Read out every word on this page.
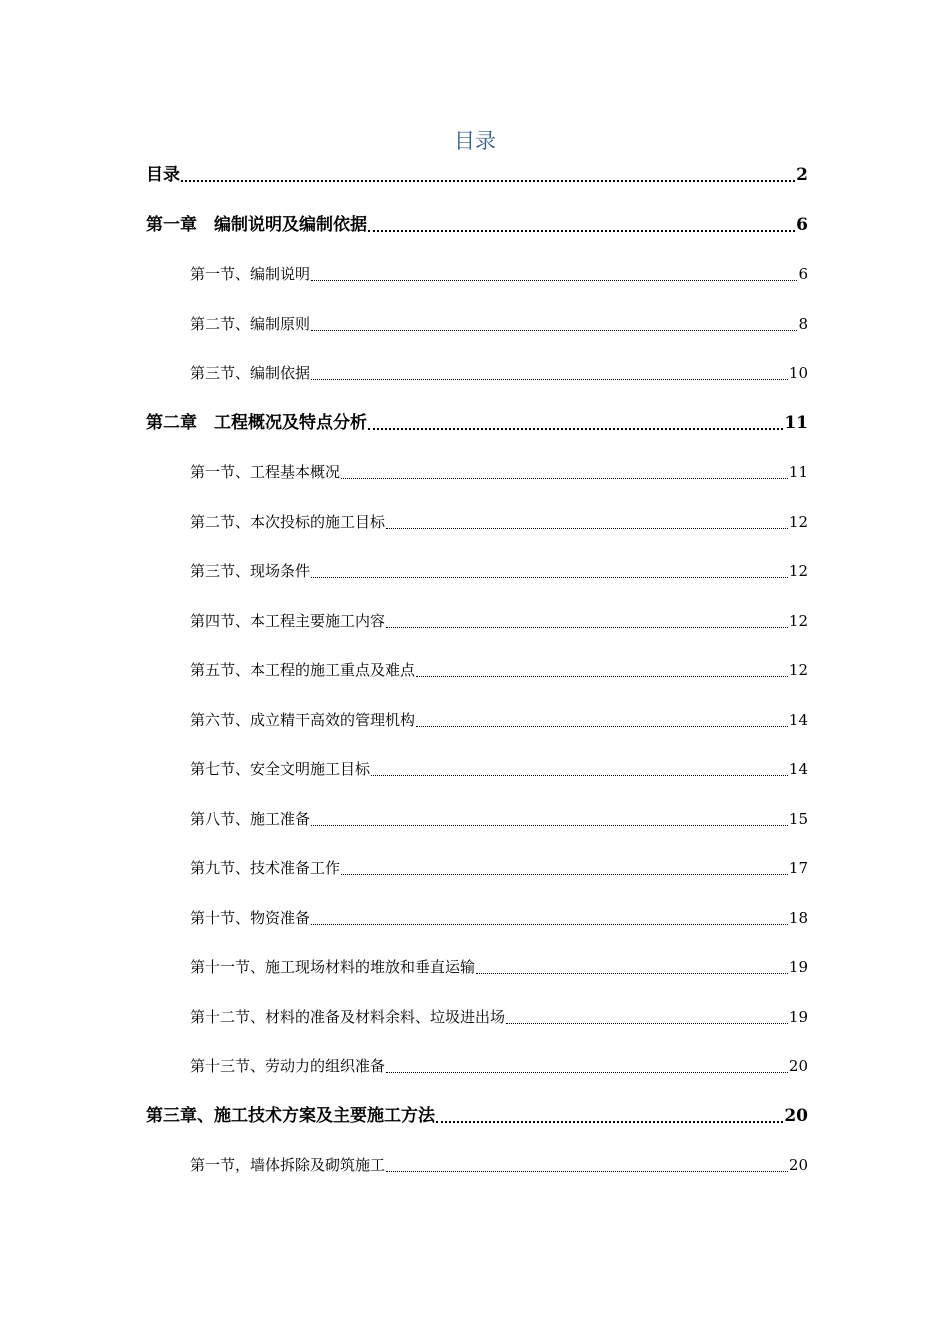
目录
目录	2
第一章　编制说明及编制依据	6
第一节、编制说明	6
第二节、编制原则	8
第三节、编制依据	10
第二章　工程概况及特点分析	11
第一节、工程基本概况	11
第二节、本次投标的施工目标	12
第三节、现场条件	12
第四节、本工程主要施工内容	12
第五节、本工程的施工重点及难点	12
第六节、成立精干高效的管理机构	14
第七节、安全文明施工目标	14
第八节、施工准备	15
第九节、技术准备工作	17
第十节、物资准备	18
第十一节、施工现场材料的堆放和垂直运输	19
第十二节、材料的准备及材料余料、垃圾进出场	19
第十三节、劳动力的组织准备	20
第三章、施工技术方案及主要施工方法	20
第一节，墙体拆除及砌筑施工	20
